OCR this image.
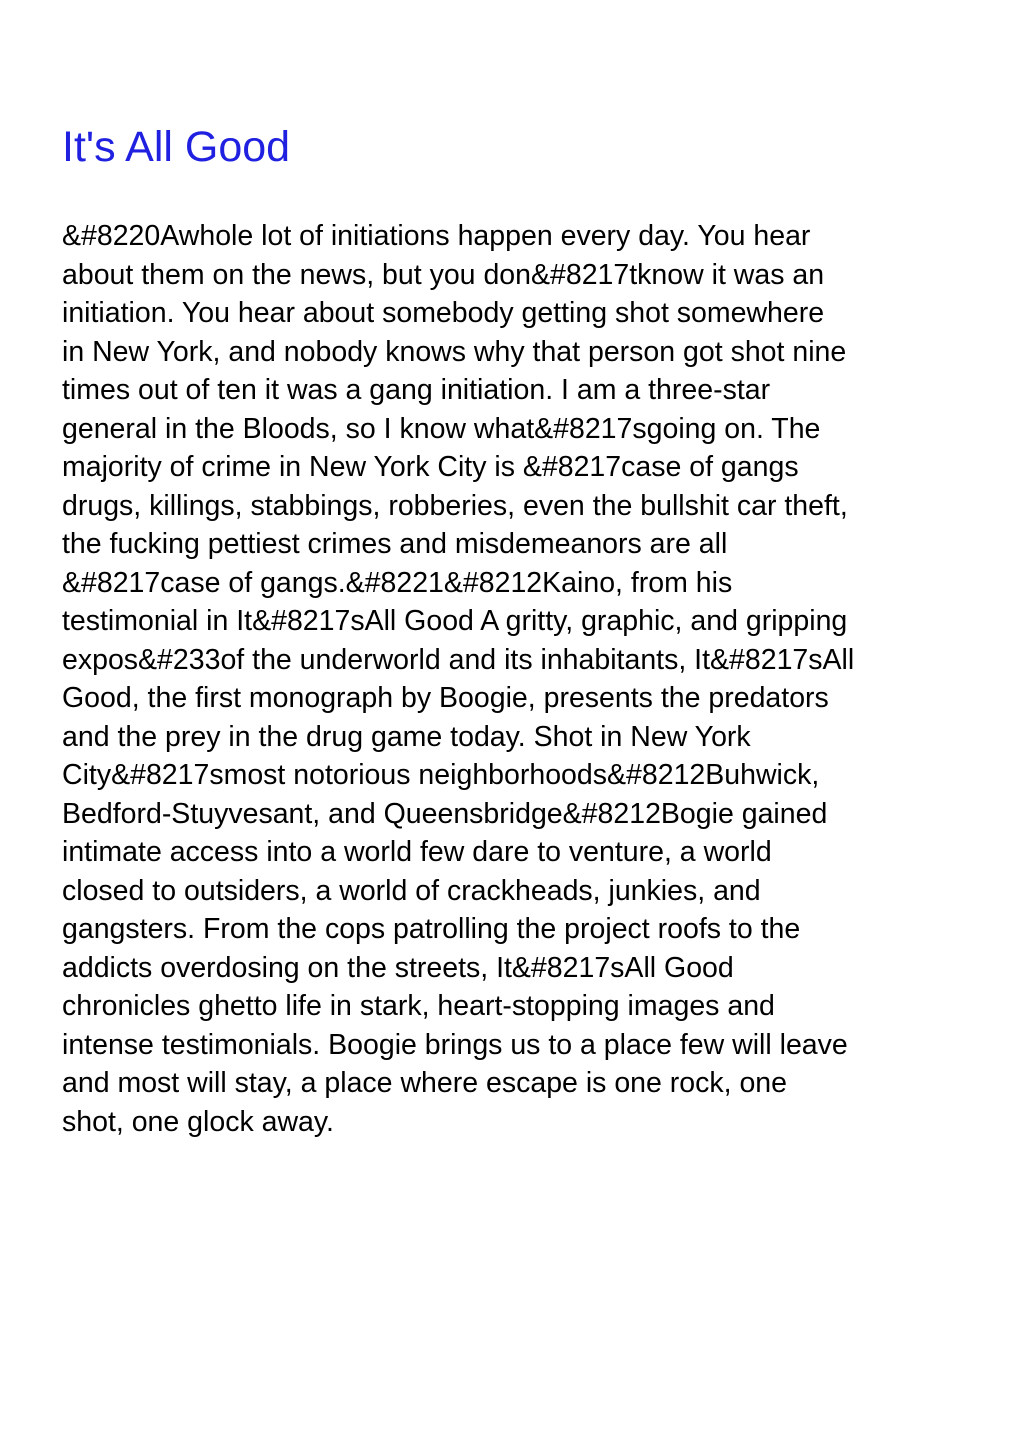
It's All Good
&#8220Awhole lot of initiations happen every day. You hear
about them on the news, but you don&#8217tknow it was an
initiation. You hear about somebody getting shot somewhere
in New York, and nobody knows why that person got shot nine
times out of ten it was a gang initiation. I am a three-star
general in the Bloods, so I know what&#8217sgoing on. The
majority of crime in New York City is &#8217case of gangs
drugs, killings, stabbings, robberies, even the bullshit car theft,
the fucking pettiest crimes and misdemeanors are all
&#8217case of gangs.&#8221&#8212Kaino, from his
testimonial in It&#8217sAll Good A gritty, graphic, and gripping
expos&#233of the underworld and its inhabitants, It&#8217sAll
Good, the first monograph by Boogie, presents the predators
and the prey in the drug game today. Shot in New York
City&#8217smost notorious neighborhoods&#8212Buhwick,
Bedford-Stuyvesant, and Queensbridge&#8212Bogie gained
intimate access into a world few dare to venture, a world
closed to outsiders, a world of crackheads, junkies, and
gangsters. From the cops patrolling the project roofs to the
addicts overdosing on the streets, It&#8217sAll Good
chronicles ghetto life in stark, heart-stopping images and
intense testimonials. Boogie brings us to a place few will leave
and most will stay, a place where escape is one rock, one
shot, one glock away.
